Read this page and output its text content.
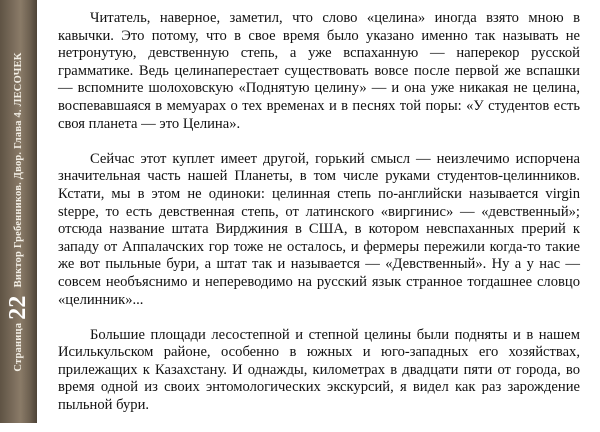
Страница
22
Виктор Гребенников. Двор. Глава 4. ЛЕСОЧЕК

Читатель, наверное, заметил, что слово «целина» иногда взято мною в кавычки. Это потому, что в свое время было указано именно так называть не нетронутую, девственную степь, а уже вспаханную — наперекор русской грамматике. Ведь целинаперестает существовать вовсе после первой же вспашки — вспомните шолоховскую «Поднятую целину» — и она уже никакая не целина, воспевавшаяся в мемуарах о тех временах и в песнях той поры: «У студентов есть своя планета — это Целина».

Сейчас этот куплет имеет другой, горький смысл — неизлечимо испорчена значительная часть нашей Планеты, в том числе руками студентов-целинников. Кстати, мы в этом не одиноки: целинная степь по-английски называется virgin steppe, то есть девственная степь, от латинского «виргинис» — «девственный»; отсюда название штата Вирджиния в США, в котором невспаханных прерий к западу от Аппалачских гор тоже не осталось, и фермеры пережили когда-то такие же вот пыльные бури, а штат так и называется — «Девственный». Ну а у нас — совсем необъяснимо и непереводимо на русский язык странное тогдашнее словцо «целинник»...

Большие площади лесостепной и степной целины были подняты и в нашем Исилькульском районе, особенно в южных и юго-западных его хозяйствах, прилежащих к Казахстану. И однажды, километрах в двадцати пяти от города, во время одной из своих энтомологических экскурсий, я видел как раз зарождение пыльной бури.
